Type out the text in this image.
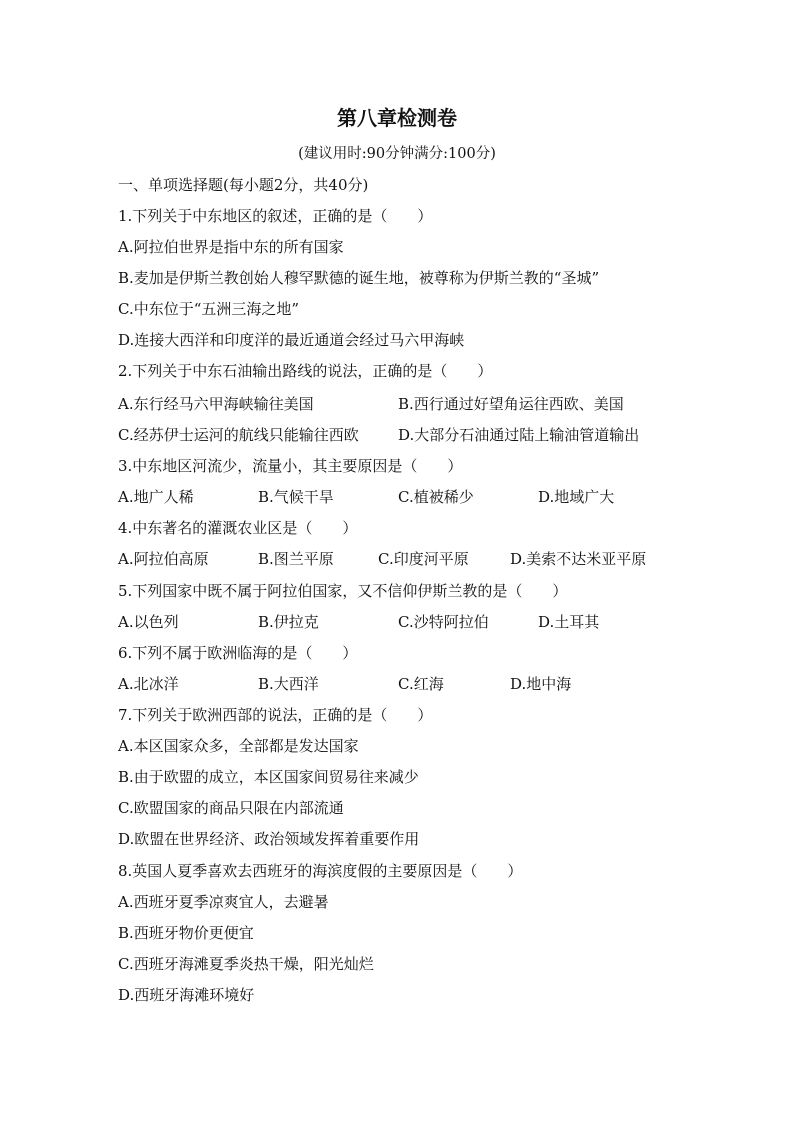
第八章检测卷
(建议用时:90分钟满分:100分)
一、单项选择题(每小题2分，共40分)
1.下列关于中东地区的叙述，正确的是（　　）
A.阿拉伯世界是指中东的所有国家
B.麦加是伊斯兰教创始人穆罕默德的诞生地，被尊称为伊斯兰教的“圣城”
C.中东位于“五洲三海之地”
D.连接大西洋和印度洋的最近通道会经过马六甲海峡
2.下列关于中东石油输出路线的说法，正确的是（　　）
A.东行经马六甲海峡输往美国	B.西行通过好望角运往西欧、美国
C.经苏伊士运河的航线只能输往西欧	D.大部分石油通过陆上输油管道输出
3.中东地区河流少，流量小，其主要原因是（　　）
A.地广人稀	B.气候干旱	C.植被稀少	D.地域广大
4.中东著名的灌溉农业区是（　　）
A.阿拉伯高原	B.图兰平原	C.印度河平原	D.美索不达米亚平原
5.下列国家中既不属于阿拉伯国家，又不信仰伊斯兰教的是（　　）
A.以色列	B.伊拉克	C.沙特阿拉伯	D.土耳其
6.下列不属于欧洲临海的是（　　）
A.北冰洋	B.大西洋	C.红海	D.地中海
7.下列关于欧洲西部的说法，正确的是（　　）
A.本区国家众多，全部都是发达国家
B.由于欧盟的成立，本区国家间贸易往来减少
C.欧盟国家的商品只限在内部流通
D.欧盟在世界经济、政治领域发挥着重要作用
8.英国人夏季喜欢去西班牙的海滨度假的主要原因是（　　）
A.西班牙夏季凉爽宜人，去避暑
B.西班牙物价更便宜
C.西班牙海滩夏季炎热干燥，阳光灿烂
D.西班牙海滩环境好
